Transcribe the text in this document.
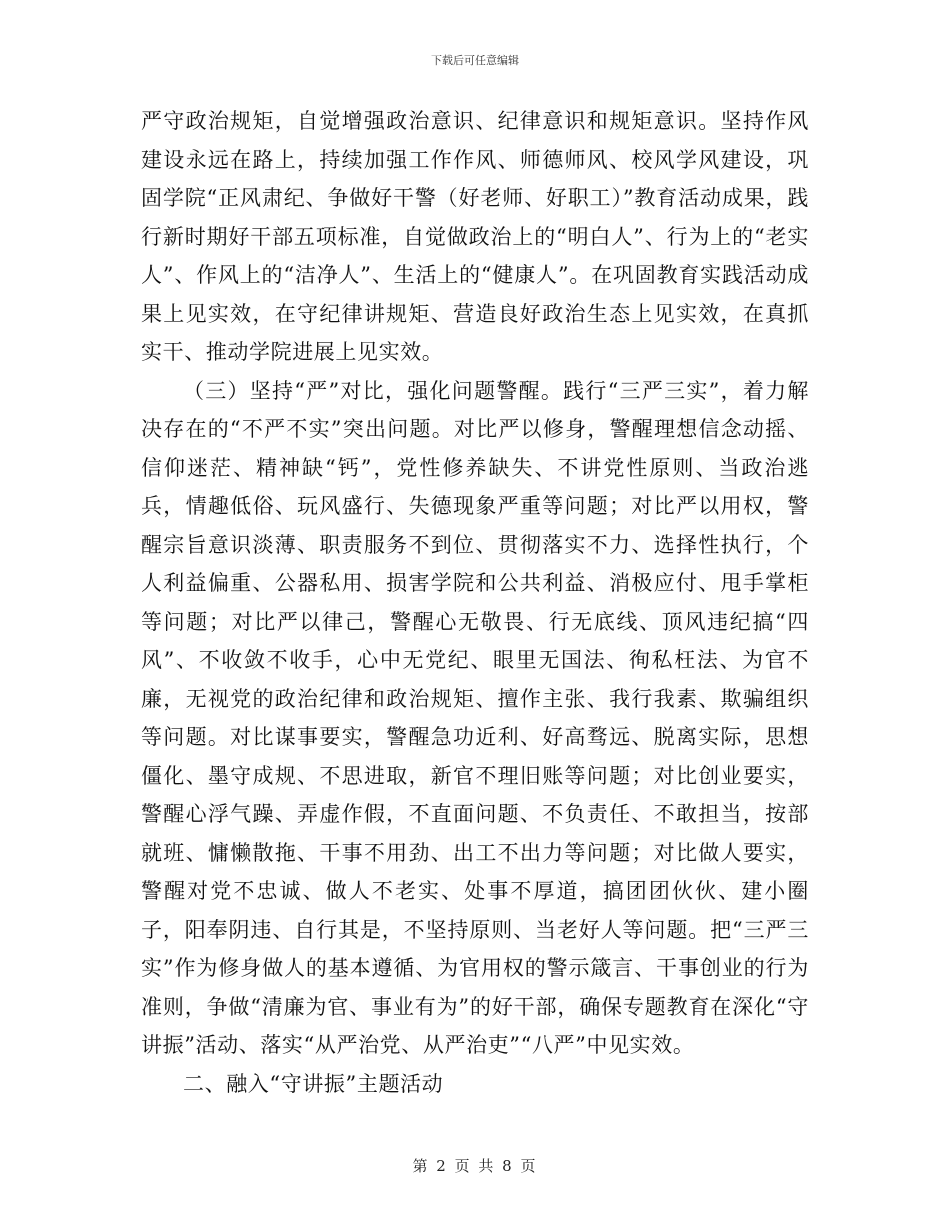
下载后可任意编辑

严守政治规矩，自觉增强政治意识、纪律意识和规矩意识。坚持作风建设永远在路上，持续加强工作作风、师德师风、校风学风建设，巩固学院“正风肃纪、争做好干警（好老师、好职工）”教育活动成果，践行新时期好干部五项标准，自觉做政治上的“明白人”、行为上的“老实人”、作风上的“洁净人”、生活上的“健康人”。在巩固教育实践活动成果上见实效，在守纪律讲规矩、营造良好政治生态上见实效，在真抓实干、推动学院进展上见实效。

（三）坚持“严”对比，强化问题警醒。践行“三严三实”，着力解决存在的“不严不实”突出问题。对比严以修身，警醒理想信念动摇、信仰迷茫、精神缺“钙”，党性修养缺失、不讲党性原则、当政治逃兵，情趣低俗、玩风盛行、失德现象严重等问题；对比严以用权，警醒宗旨意识淡薄、职责服务不到位、贯彻落实不力、选择性执行，个人利益偏重、公器私用、损害学院和公共利益、消极应付、甩手掌柜等问题；对比严以律己，警醒心无敬畏、行无底线、顶风违纪搞“四风”、不收敛不收手，心中无党纪、眼里无国法、徇私枉法、为官不廉，无视党的政治纪律和政治规矩、擅作主张、我行我素、欺骗组织等问题。对比谋事要实，警醒急功近利、好高骛远、脱离实际，思想僵化、墨守成规、不思进取，新官不理旧账等问题；对比创业要实，警醒心浮气躁、弄虚作假，不直面问题、不负责任、不敢担当，按部就班、慵懒散拖、干事不用劲、出工不出力等问题；对比做人要实，警醒对党不忠诚、做人不老实、处事不厚道，搞团团伙伙、建小圈子，阳奉阴违、自行其是，不坚持原则、当老好人等问题。把“三严三实”作为修身做人的基本遵循、为官用权的警示箴言、干事创业的行为准则，争做“清廉为官、事业有为”的好干部，确保专题教育在深化“守讲振”活动、落实“从严治党、从严治吏”“八严”中见实效。

二、融入“守讲振”主题活动

第 2 页 共 8 页
